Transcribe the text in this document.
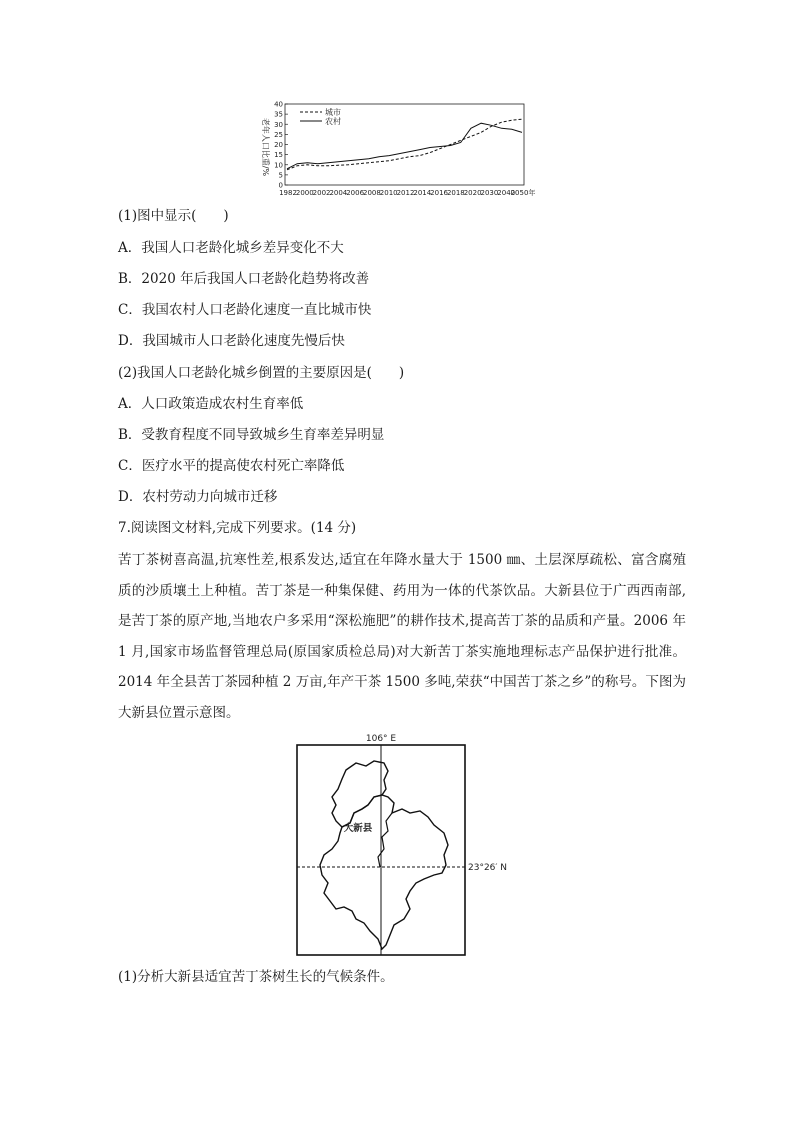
0
5
10
15
20
25
30
35
40
1982
2000
2002
2004
2006
2008
2010
2012
2014
2016
2018
2020
2030
2040
2050年
城市
农村
老年人口比重/%
(1)图中显示(　　)
A．我国人口老龄化城乡差异变化不大
B．2020 年后我国人口老龄化趋势将改善
C．我国农村人口老龄化速度一直比城市快
D．我国城市人口老龄化速度先慢后快
(2)我国人口老龄化城乡倒置的主要原因是(　　)
A．人口政策造成农村生育率低
B．受教育程度不同导致城乡生育率差异明显
C．医疗水平的提高使农村死亡率降低
D．农村劳动力向城市迁移
7.阅读图文材料,完成下列要求。(14 分)
苦丁茶树喜高温,抗寒性差,根系发达,适宜在年降水量大于 1500 ㎜、土层深厚疏松、富含腐殖质的沙质壤土上种植。苦丁茶是一种集保健、药用为一体的代茶饮品。大新县位于广西西南部,是苦丁茶的原产地,当地农户多采用“深松施肥”的耕作技术,提高苦丁茶的品质和产量。2006 年 1 月,国家市场监督管理总局(原国家质检总局)对大新苦丁茶实施地理标志产品保护进行批准。2014 年全县苦丁茶园种植 2 万亩,年产干茶 1500 多吨,荣获“中国苦丁茶之乡”的称号。下图为大新县位置示意图。
106° E
23°26′ N
大新县
(1)分析大新县适宜苦丁茶树生长的气候条件。
